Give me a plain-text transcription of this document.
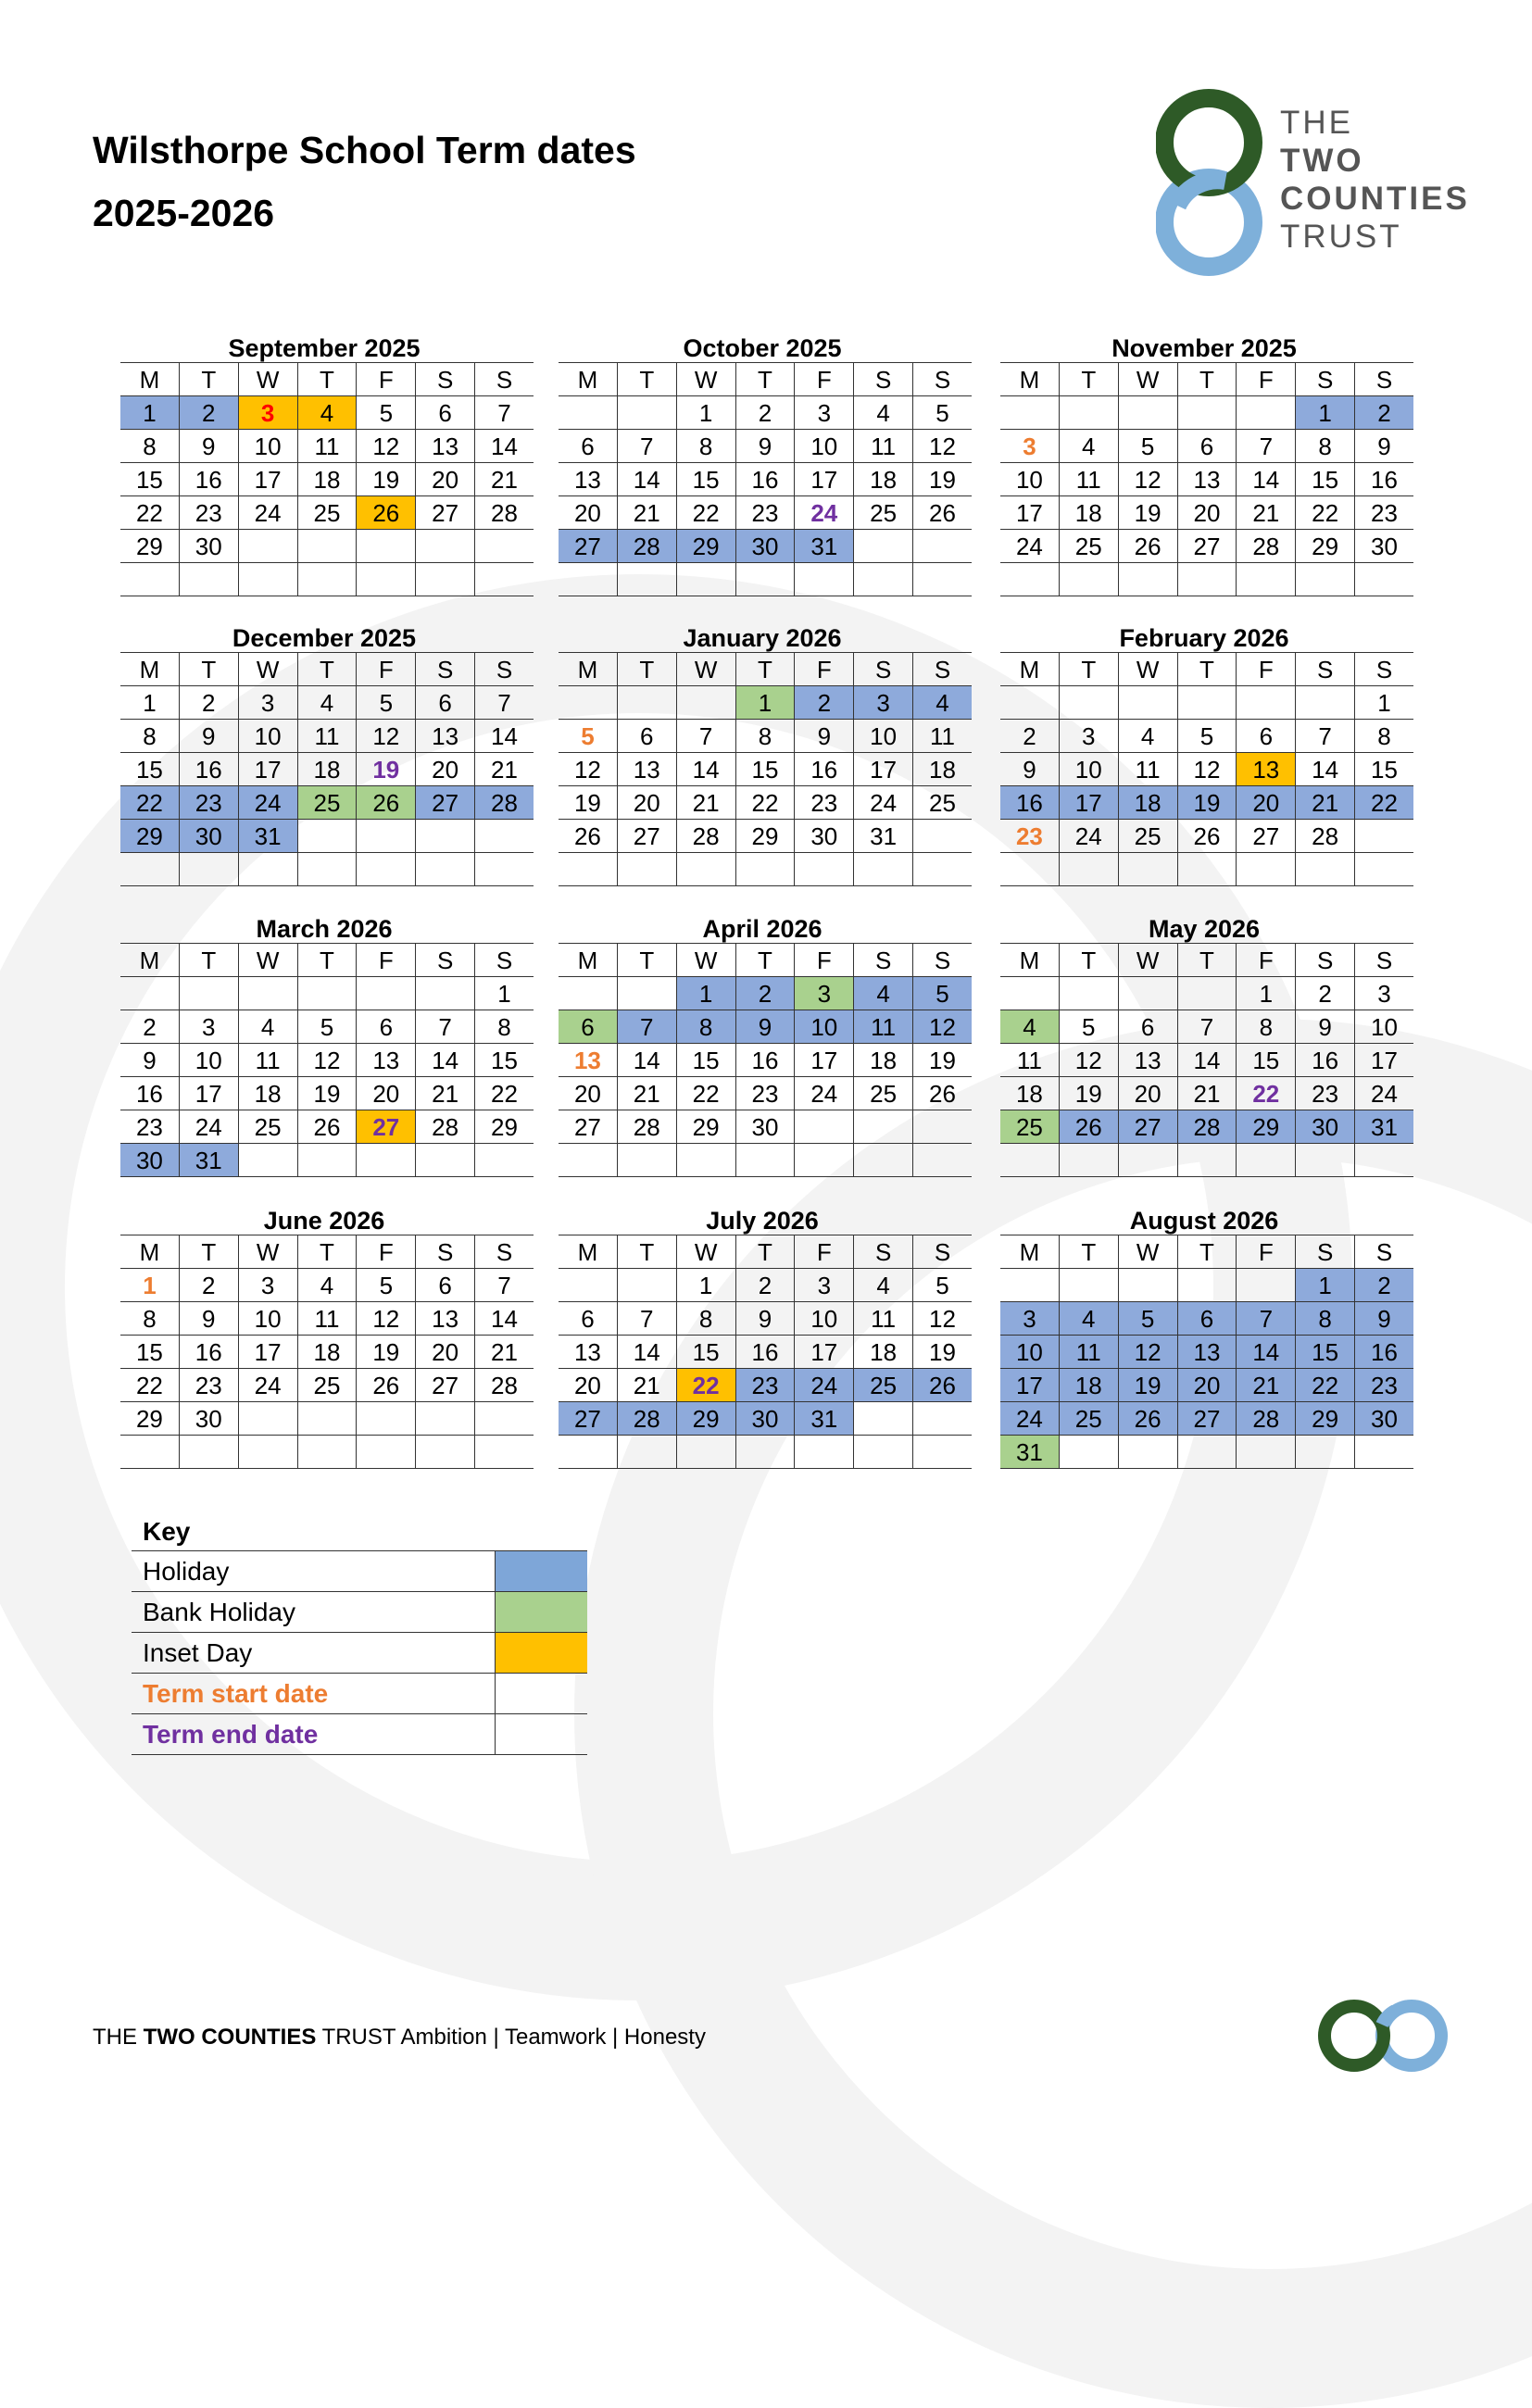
Wilsthorpe School Term dates
2025-2026
THE
TWO
COUNTIES
TRUST
September 2025
M	T	W	T	F	S	S
1	2	3	4	5	6	7
8	9	10	11	12	13	14
15	16	17	18	19	20	21
22	23	24	25	26	27	28
29	30					

October 2025
M	T	W	T	F	S	S
		1	2	3	4	5
6	7	8	9	10	11	12
13	14	15	16	17	18	19
20	21	22	23	24	25	26
27	28	29	30	31		

November 2025
M	T	W	T	F	S	S
					1	2
3	4	5	6	7	8	9
10	11	12	13	14	15	16
17	18	19	20	21	22	23
24	25	26	27	28	29	30

December 2025
M	T	W	T	F	S	S
1	2	3	4	5	6	7
8	9	10	11	12	13	14
15	16	17	18	19	20	21
22	23	24	25	26	27	28
29	30	31				

January 2026
M	T	W	T	F	S	S
			1	2	3	4
5	6	7	8	9	10	11
12	13	14	15	16	17	18
19	20	21	22	23	24	25
26	27	28	29	30	31	

February 2026
M	T	W	T	F	S	S
						1
2	3	4	5	6	7	8
9	10	11	12	13	14	15
16	17	18	19	20	21	22
23	24	25	26	27	28	

March 2026
M	T	W	T	F	S	S
						1
2	3	4	5	6	7	8
9	10	11	12	13	14	15
16	17	18	19	20	21	22
23	24	25	26	27	28	29
30	31					
April 2026
M	T	W	T	F	S	S
		1	2	3	4	5
6	7	8	9	10	11	12
13	14	15	16	17	18	19
20	21	22	23	24	25	26
27	28	29	30			

May 2026
M	T	W	T	F	S	S
				1	2	3
4	5	6	7	8	9	10
11	12	13	14	15	16	17
18	19	20	21	22	23	24
25	26	27	28	29	30	31

June 2026
M	T	W	T	F	S	S
1	2	3	4	5	6	7
8	9	10	11	12	13	14
15	16	17	18	19	20	21
22	23	24	25	26	27	28
29	30					

July 2026
M	T	W	T	F	S	S
		1	2	3	4	5
6	7	8	9	10	11	12
13	14	15	16	17	18	19
20	21	22	23	24	25	26
27	28	29	30	31		

August 2026
M	T	W	T	F	S	S
					1	2
3	4	5	6	7	8	9
10	11	12	13	14	15	16
17	18	19	20	21	22	23
24	25	26	27	28	29	30
31						
Key
Holiday
Bank Holiday
Inset Day
Term start date
Term end date
THE TWO COUNTIES TRUST Ambition | Teamwork | Honesty
